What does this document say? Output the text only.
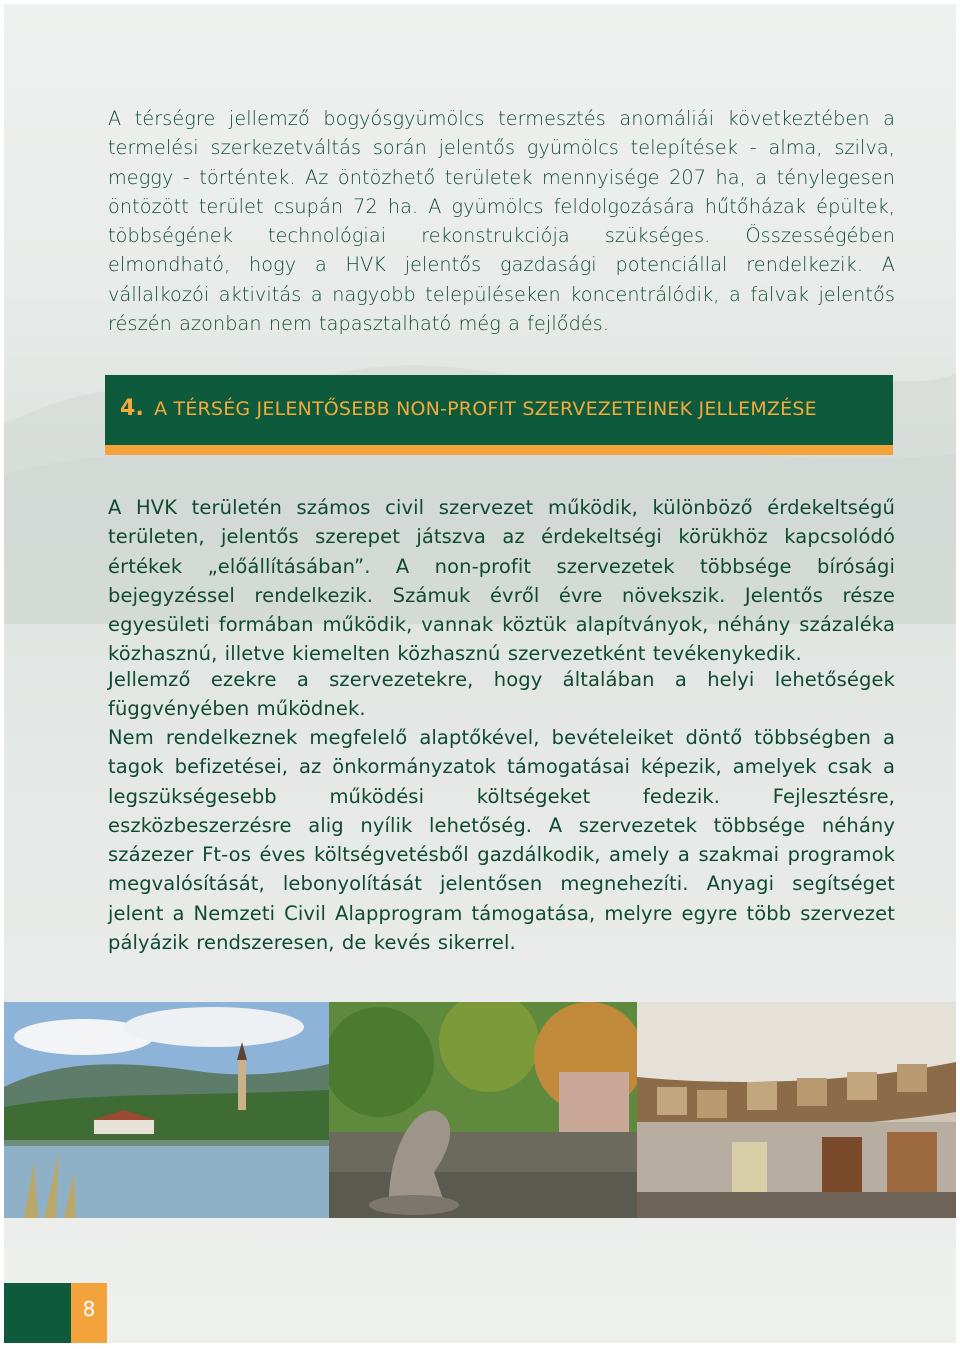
A térségre jellemző bogyósgyümölcs termesztés anomáliái következtében a termelési szerkezetváltás során jelentős gyümölcs telepítések - alma, szilva, meggy - történtek. Az öntözhető területek mennyisége 207 ha, a ténylegesen öntözött terület csupán 72 ha. A gyümölcs feldolgozására hűtőházak épültek, többségének technológiai rekonstrukciója szükséges. Összességében elmondható, hogy a HVK jelentős gazdasági potenciállal rendelkezik. A vállalkozói aktivitás a nagyobb településeken koncentrálódik, a falvak jelentős részén azonban nem tapasztalható még a fejlődés.

4. A TÉRSÉG JELENTŐSEBB NON-PROFIT SZERVEZETEINEK JELLEMZÉSE

A HVK területén számos civil szervezet működik, különböző érdekeltségű területen, jelentős szerepet játszva az érdekeltségi körükhöz kapcsolódó értékek „előállításában”. A non-profit szervezetek többsége bírósági bejegyzéssel rendelkezik. Számuk évről évre növekszik. Jelentős része egyesületi formában működik, vannak köztük alapítványok, néhány százaléka közhasznú, illetve kiemelten közhasznú szervezetként tevékenykedik.

Jellemző ezekre a szervezetekre, hogy általában a helyi lehetőségek függvényében működnek.

Nem rendelkeznek megfelelő alaptőkével, bevételeiket döntő többségben a tagok befizetései, az önkormányzatok támogatásai képezik, amelyek csak a legszükségesebb működési költségeket fedezik. Fejlesztésre, eszközbeszerzésre alig nyílik lehetőség. A szervezetek többsége néhány százezer Ft-os éves költségvetésből gazdálkodik, amely a szakmai programok megvalósítását, lebonyolítását jelentősen megnehezíti. Anyagi segítséget jelent a Nemzeti Civil Alapprogram támogatása, melyre egyre több szervezet pályázik rendszeresen, de kevés sikerrel.

8
